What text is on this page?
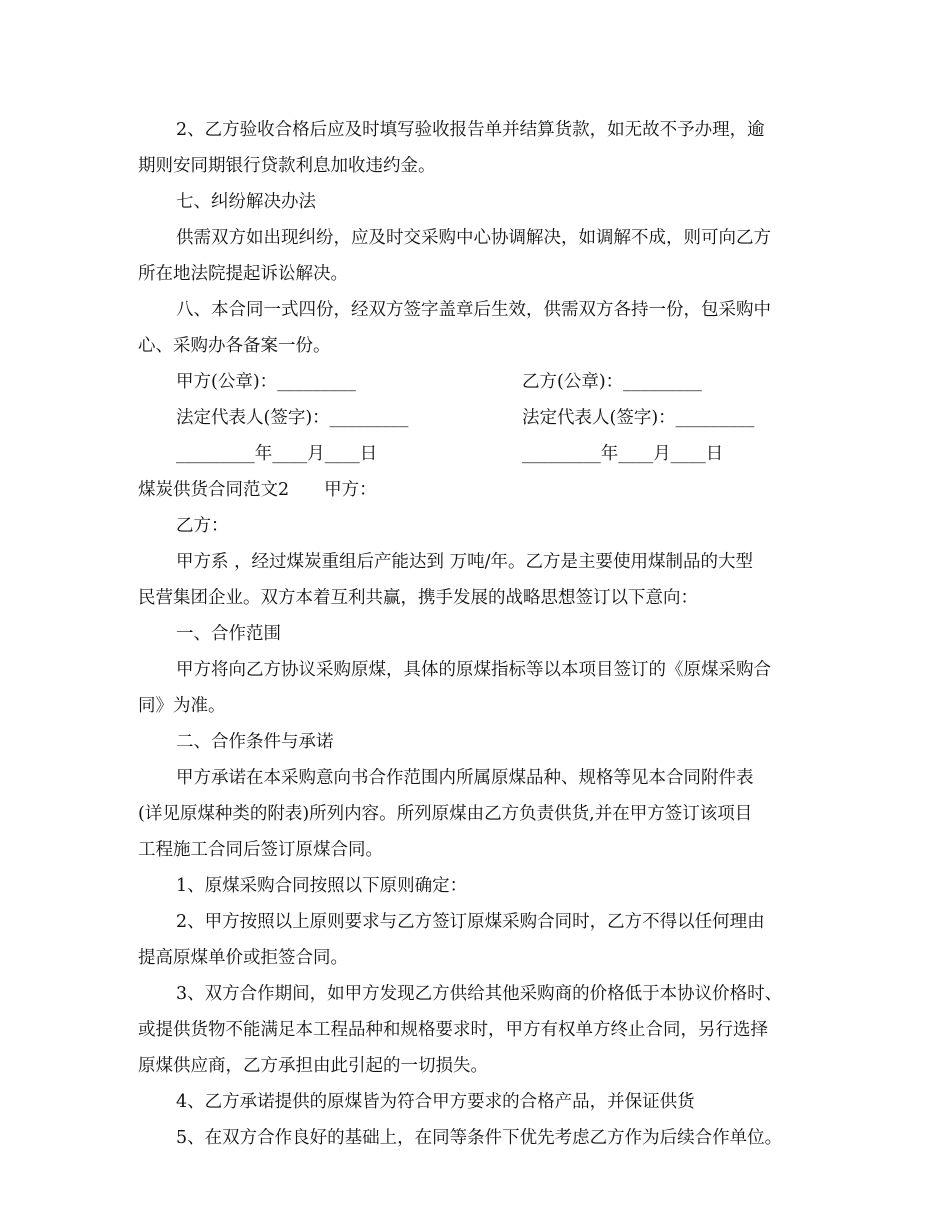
2、乙方验收合格后应及时填写验收报告单并结算货款，如无故不予办理，逾
期则安同期银行贷款利息加收违约金。
七、纠纷解决办法
供需双方如出现纠纷，应及时交采购中心协调解决，如调解不成，则可向乙方
所在地法院提起诉讼解决。
八、本合同一式四份，经双方签字盖章后生效，供需双方各持一份，包采购中
心、采购办各备案一份。
甲方(公章)：_________	乙方(公章)：_________
法定代表人(签字)：_________	法定代表人(签字)：_________
_________年____月____日	_________年____月____日
煤炭供货合同范文2　　甲方：
乙方：
甲方系 ，经过煤炭重组后产能达到 万吨/年。乙方是主要使用煤制品的大型
民营集团企业。双方本着互利共赢，携手发展的战略思想签订以下意向：
一、合作范围
甲方将向乙方协议采购原煤，具体的原煤指标等以本项目签订的《原煤采购合
同》为准。
二、合作条件与承诺
甲方承诺在本采购意向书合作范围内所属原煤品种、规格等见本合同附件表
(详见原煤种类的附表)所列内容。所列原煤由乙方负责供货,并在甲方签订该项目
工程施工合同后签订原煤合同。
1、原煤采购合同按照以下原则确定：
2、甲方按照以上原则要求与乙方签订原煤采购合同时，乙方不得以任何理由
提高原煤单价或拒签合同。
3、双方合作期间，如甲方发现乙方供给其他采购商的价格低于本协议价格时、
或提供货物不能满足本工程品种和规格要求时，甲方有权单方终止合同，另行选择
原煤供应商，乙方承担由此引起的一切损失。
4、乙方承诺提供的原煤皆为符合甲方要求的合格产品，并保证供货
5、在双方合作良好的基础上，在同等条件下优先考虑乙方作为后续合作单位。
